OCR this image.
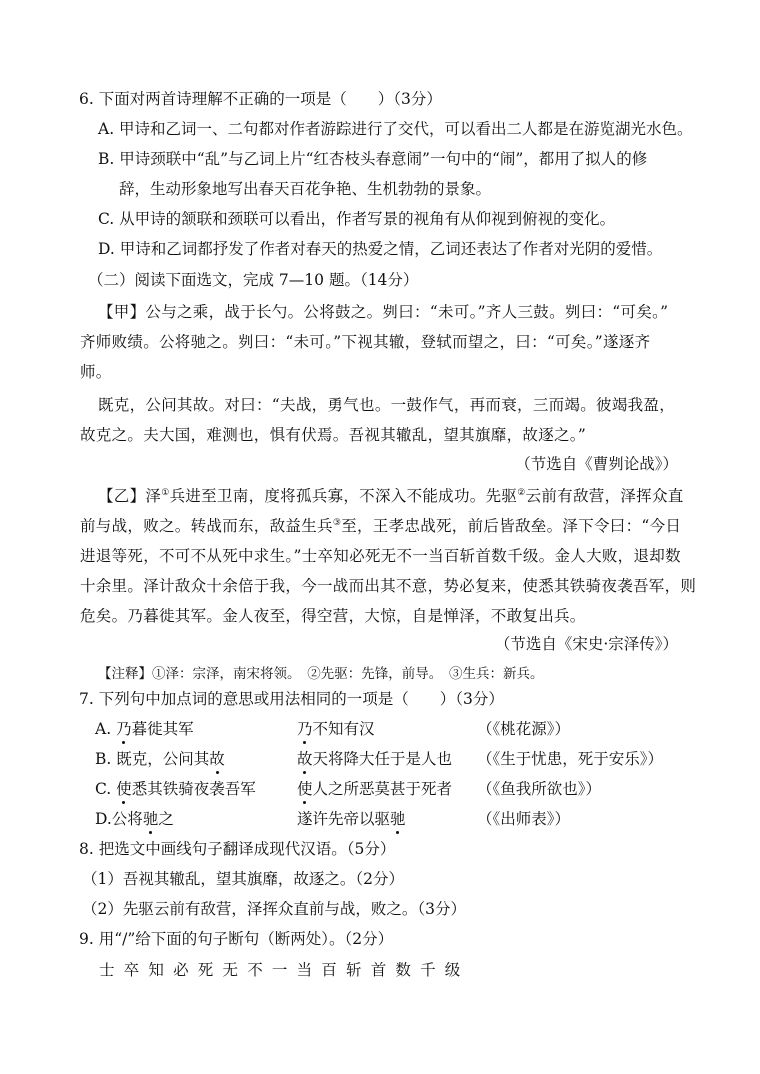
6. 下面对两首诗理解不正确的一项是（　　）（3分）
A. 甲诗和乙词一、二句都对作者游踪进行了交代，可以看出二人都是在游览湖光水色。
B. 甲诗颈联中“乱”与乙词上片“红杏枝头春意闹”一句中的“闹”，都用了拟人的修
辞，生动形象地写出春天百花争艳、生机勃勃的景象。
C. 从甲诗的颔联和颈联可以看出，作者写景的视角有从仰视到俯视的变化。
D. 甲诗和乙词都抒发了作者对春天的热爱之情，乙词还表达了作者对光阴的爱惜。
（二）阅读下面选文，完成 7—10 题。（14分）
【甲】公与之乘，战于长勺。公将鼓之。刿曰：“未可。”齐人三鼓。刿曰：“可矣。”
齐师败绩。公将驰之。刿曰：“未可。”下视其辙，登轼而望之，曰：“可矣。”遂逐齐
师。
既克，公问其故。对曰：“夫战，勇气也。一鼓作气，再而衰，三而竭。彼竭我盈，
故克之。夫大国，难测也，惧有伏焉。吾视其辙乱，望其旗靡，故逐之。”
（节选自《曹刿论战》）
【乙】泽①兵进至卫南，度将孤兵寡，不深入不能成功。先驱②云前有敌营，泽挥众直
前与战，败之。转战而东，敌益生兵③至，王孝忠战死，前后皆敌垒。泽下令曰：“今日
进退等死，不可不从死中求生。”士卒知必死无不一当百斩首数千级。金人大败，退却数
十余里。泽计敌众十余倍于我，今一战而出其不意，势必复来，使悉其铁骑夜袭吾军，则
危矣。乃暮徙其军。金人夜至，得空营，大惊，自是惮泽，不敢复出兵。
（节选自《宋史·宗泽传》）
【注释】①泽：宗泽，南宋将领。　②先驱：先锋，前导。　③生兵：新兵。
7. 下列句中加点词的意思或用法相同的一项是（　　）（3分）
A. 乃暮徙其军	乃不知有汉	（《桃花源》）
B. 既克，公问其故	故天将降大任于是人也 （《生于忧患，死于安乐》）
C. 使悉其铁骑夜袭吾军	使人之所恶莫甚于死者 （《鱼我所欲也》）
D.公将驰之	遂许先帝以驱驰	（《出师表》）
8. 把选文中画线句子翻译成现代汉语。（5分）
（1）吾视其辙乱，望其旗靡，故逐之。（2分）
（2）先驱云前有敌营，泽挥众直前与战，败之。（3分）
9. 用“/”给下面的句子断句（断两处）。（2分）
士卒知必死无不一当百斩首数千级
